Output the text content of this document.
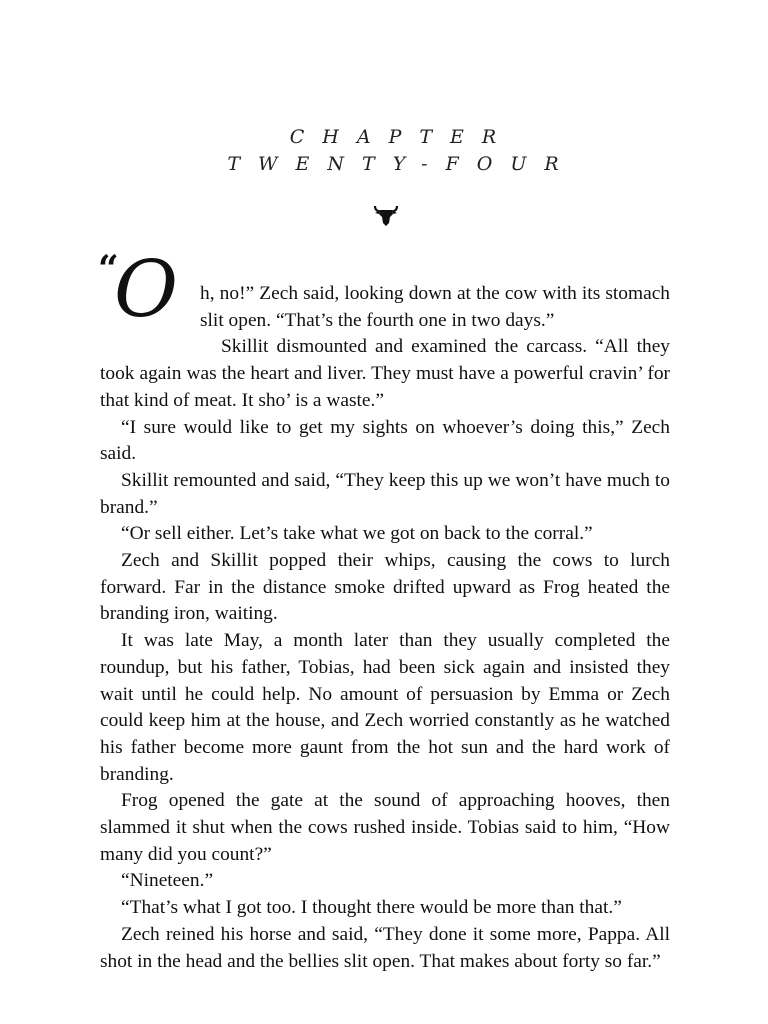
CHAPTER
TWENTY-FOUR

“
O h, no!” Zech said, looking down at the cow with its stomach slit open. “That’s the fourth one in two days.”

Skillit dismounted and examined the carcass. “All they took again was the heart and liver. They must have a powerful cravin’ for that kind of meat. It sho’ is a waste.”

“I sure would like to get my sights on whoever’s doing this,” Zech said.

Skillit remounted and said, “They keep this up we won’t have much to brand.”

“Or sell either. Let’s take what we got on back to the corral.”

Zech and Skillit popped their whips, causing the cows to lurch forward. Far in the distance smoke drifted upward as Frog heated the branding iron, waiting.

It was late May, a month later than they usually completed the roundup, but his father, Tobias, had been sick again and insisted they wait until he could help. No amount of persuasion by Emma or Zech could keep him at the house, and Zech worried constantly as he watched his father become more gaunt from the hot sun and the hard work of branding.

Frog opened the gate at the sound of approaching hooves, then slammed it shut when the cows rushed inside. Tobias said to him, “How many did you count?”

“Nineteen.”

“That’s what I got too. I thought there would be more than that.”

Zech reined his horse and said, “They done it some more, Pappa. All shot in the head and the bellies slit open. That makes about forty so far.”
